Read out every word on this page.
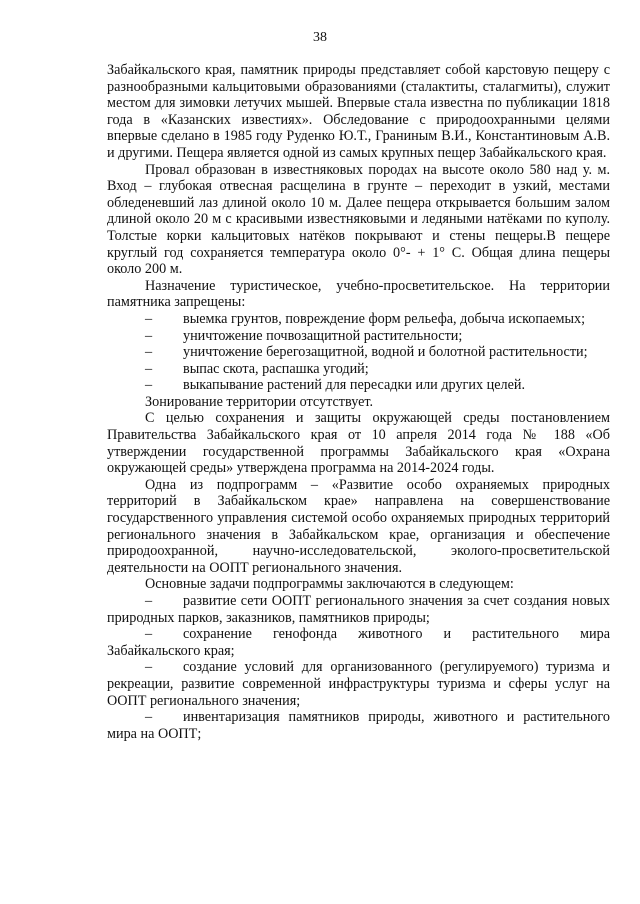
38

Забайкальского края, памятник природы представляет собой карстовую пещеру с разнообразными кальцитовыми образованиями (сталактиты, сталагмиты), служит местом для зимовки летучих мышей. Впервые стала известна по публикации 1818 года в «Казанских известиях». Обследование с природоохранными целями впервые сделано в 1985 году Руденко Ю.Т., Граниным В.И., Константиновым А.В. и другими. Пещера является одной из самых крупных пещер Забайкальского края.

Провал образован в известняковых породах на высоте около 580 над у. м. Вход – глубокая отвесная расщелина в грунте – переходит в узкий, местами обледеневший лаз длиной около 10 м. Далее пещера открывается большим залом длиной около 20 м с красивыми известняковыми и ледяными натёками по куполу. Толстые корки кальцитовых натёков покрывают и стены пещеры.В пещере круглый год сохраняется температура около 0°- + 1° С. Общая длина пещеры около 200 м.

Назначение туристическое, учебно-просветительское. На территории памятника запрещены:

– выемка грунтов, повреждение форм рельефа, добыча ископаемых;

– уничтожение почвозащитной растительности;

– уничтожение берегозащитной, водной и болотной растительности;

– выпас скота, распашка угодий;

– выкапывание растений для пересадки или других целей.

Зонирование территории отсутствует.

С целью сохранения и защиты окружающей среды постановлением Правительства Забайкальского края от 10 апреля 2014 года № 188 «Об утверждении государственной программы Забайкальского края «Охрана окружающей среды» утверждена программа на 2014-2024 годы.

Одна из подпрограмм – «Развитие особо охраняемых природных территорий в Забайкальском крае» направлена на совершенствование государственного управления системой особо охраняемых природных территорий регионального значения в Забайкальском крае, организация и обеспечение природоохранной, научно-исследовательской, эколого-просветительской деятельности на ООПТ регионального значения.

Основные задачи подпрограммы заключаются в следующем:

– развитие сети ООПТ регионального значения за счет создания новых природных парков, заказников, памятников природы;

– сохранение генофонда животного и растительного мира Забайкальского края;

– создание условий для организованного (регулируемого) туризма и рекреации, развитие современной инфраструктуры туризма и сферы услуг на ООПТ регионального значения;

– инвентаризация памятников природы, животного и растительного мира на ООПТ;
